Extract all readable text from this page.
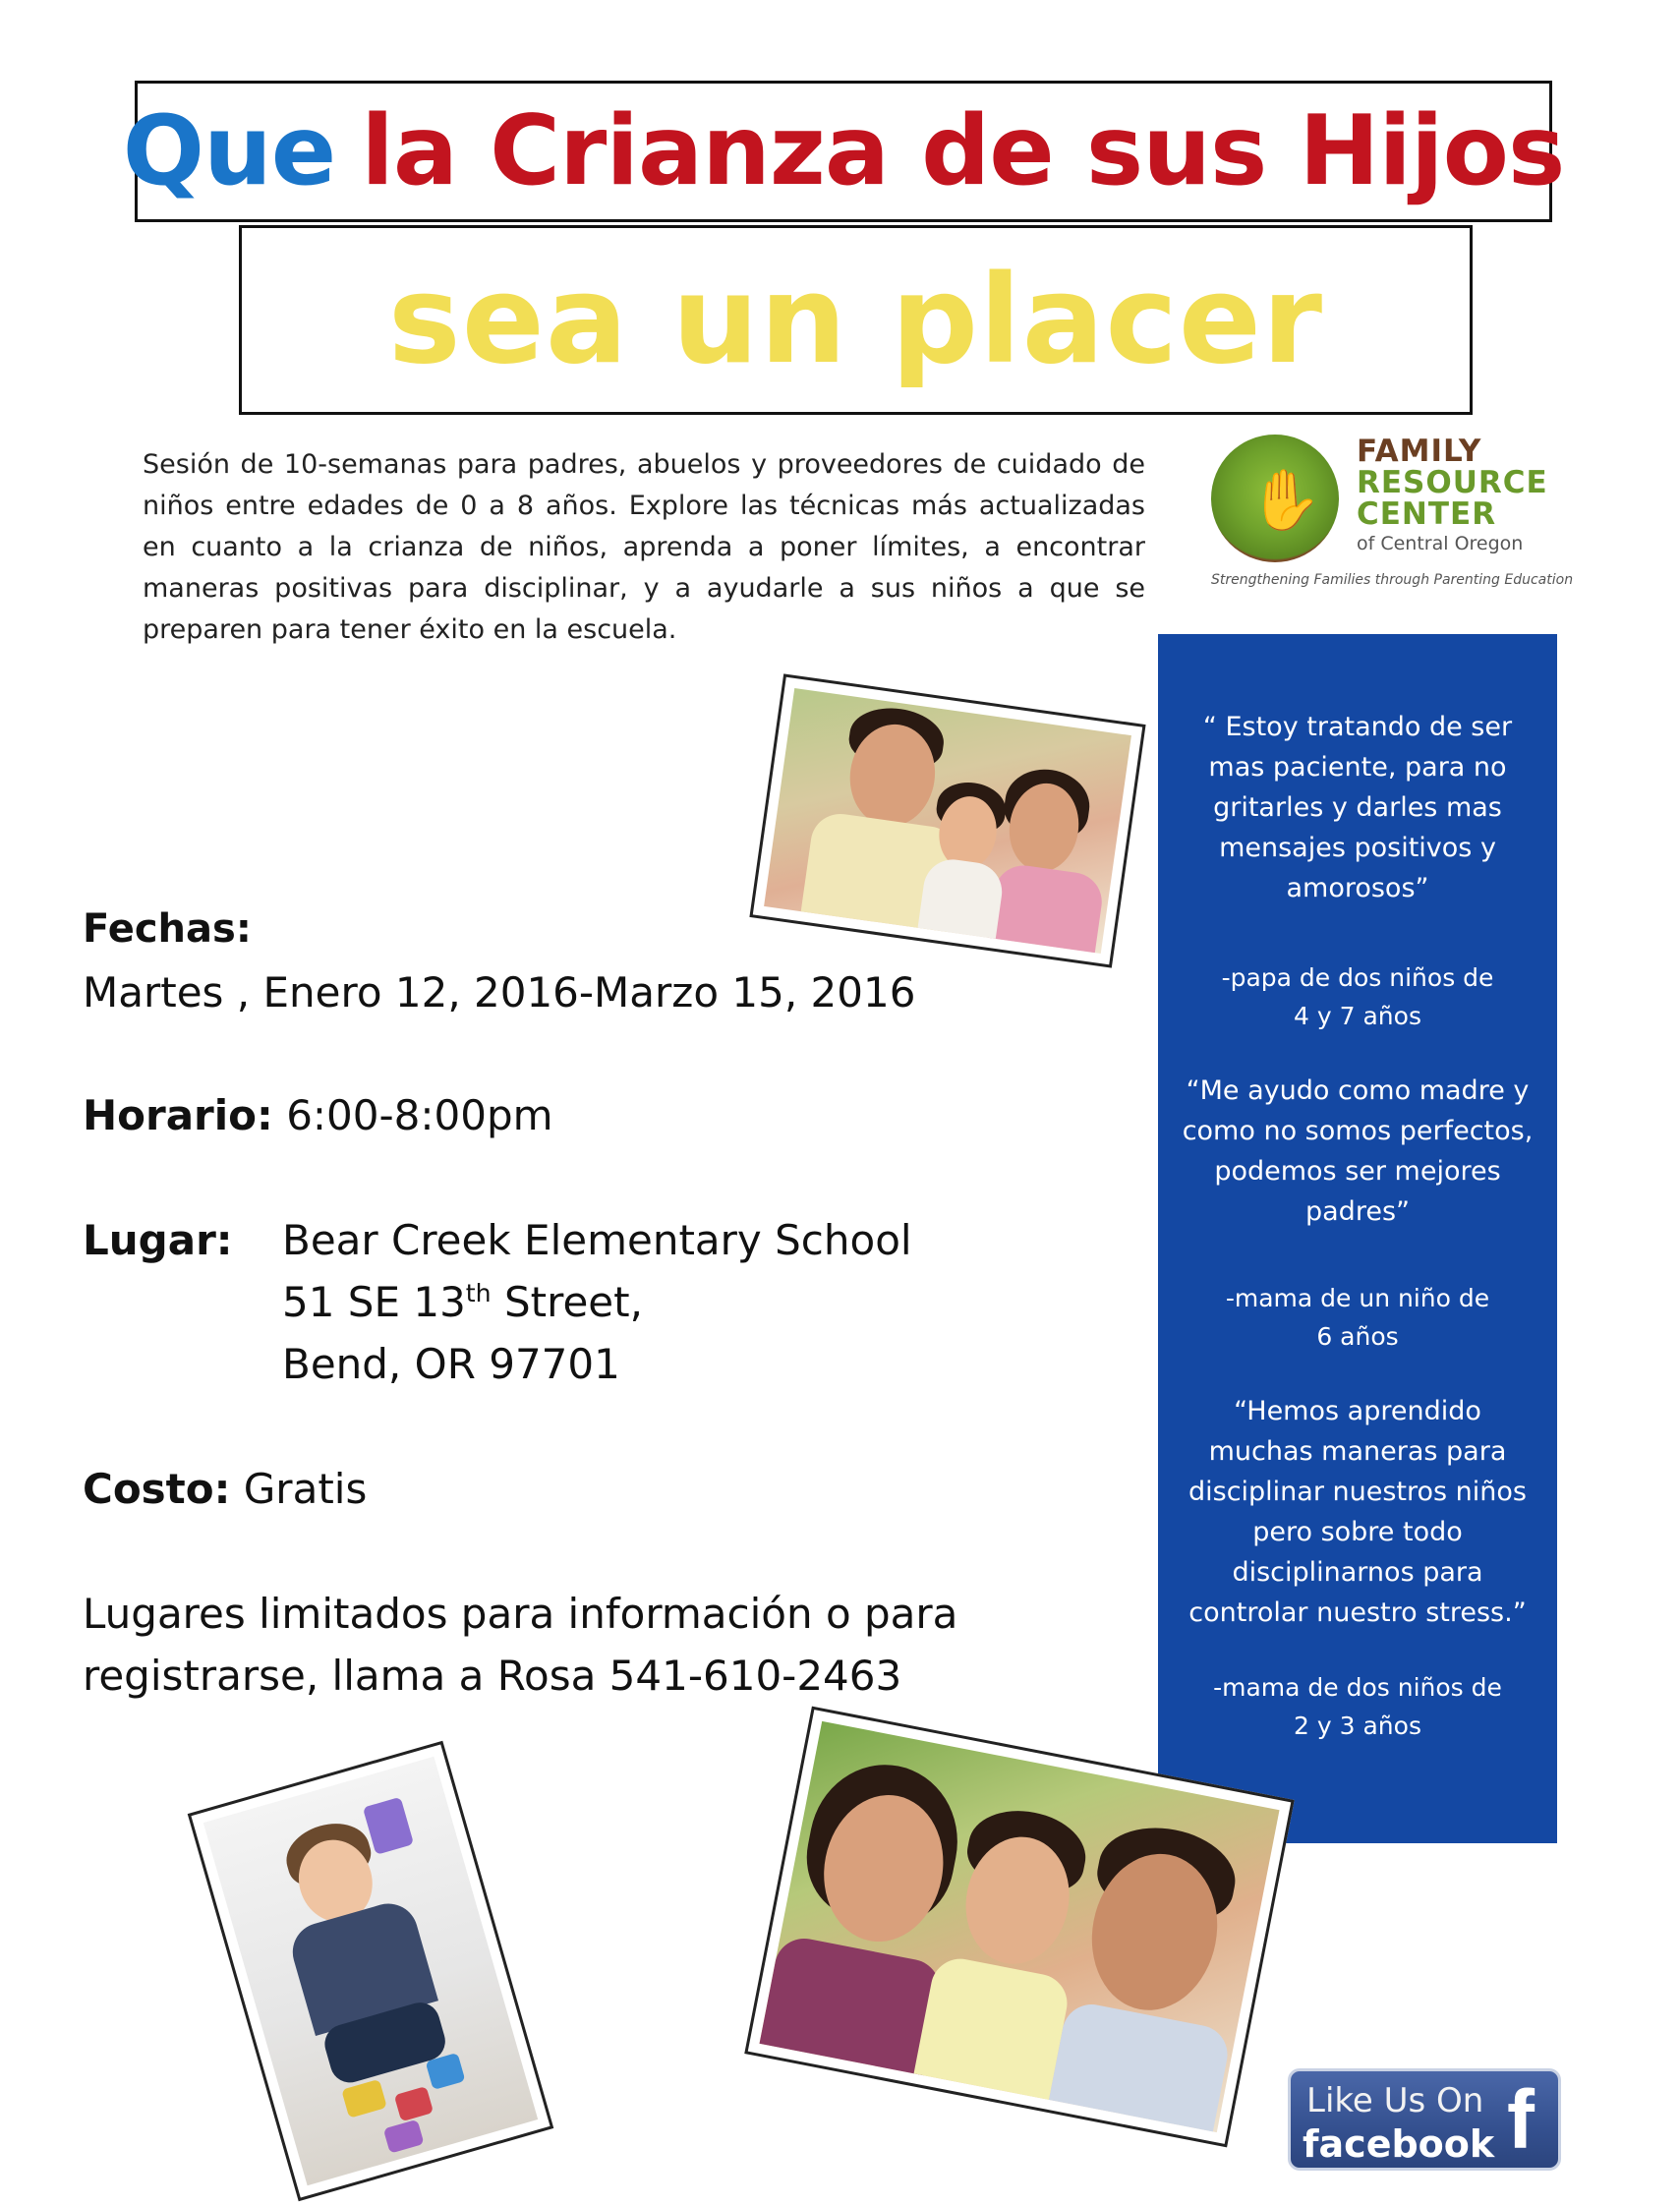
Que la Crianza de sus Hijos
sea un placer
Sesión de 10-semanas para padres, abuelos y proveedores de cuidado de niños entre edades de 0 a 8 años. Explore las técnicas más actualizadas en cuanto a la crianza de niños, aprenda a poner límites, a encontrar maneras positivas para disciplinar, y a ayudarle a sus niños a que se preparen para tener éxito en la escuela.
✋
FAMILY
RESOURCE
CENTER
of Central Oregon
Strengthening Families through Parenting Education
“ Estoy tratando de ser
mas paciente, para no
gritarles y darles mas
mensajes positivos y
amorosos”
-papa de dos niños de
4 y 7 años
“Me ayudo como madre y
como no somos perfectos,
podemos ser mejores
padres”
-mama de un niño de
6 años
“Hemos aprendido
muchas maneras para
disciplinar nuestros niños
pero sobre todo
disciplinarnos para
controlar nuestro stress.”
-mama de dos niños de
2 y 3 años
Fechas:
Martes , Enero 12, 2016-Marzo 15, 2016
Horario: 6:00-8:00pm
Lugar: Bear Creek Elementary School
51 SE 13th Street,
Bend, OR 97701
Costo: Gratis
Lugares limitados para información o para
registrarse, llama a Rosa 541-610-2463
Like Us On
facebook f
